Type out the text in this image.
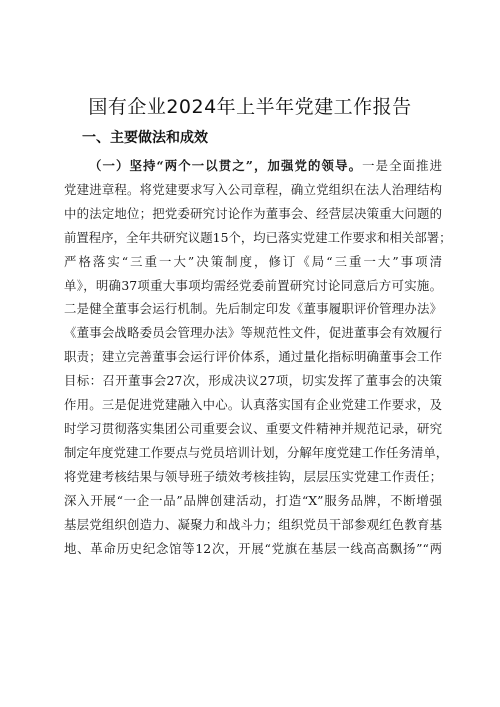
国有企业2024年上半年党建工作报告
一、主要做法和成效
（一）坚持“两个一以贯之”，加强党的领导。一是全面推进
党建进章程。将党建要求写入公司章程，确立党组织在法人治理结构
中的法定地位；把党委研究讨论作为董事会、经营层决策重大问题的
前置程序，全年共研究议题15个，均已落实党建工作要求和相关部署；
严格落实“三重一大”决策制度，修订《局“三重一大”事项清
单》，明确37项重大事项均需经党委前置研究讨论同意后方可实施。
二是健全董事会运行机制。先后制定印发《董事履职评价管理办法》
《董事会战略委员会管理办法》等规范性文件，促进董事会有效履行
职责；建立完善董事会运行评价体系，通过量化指标明确董事会工作
目标：召开董事会27次，形成决议27项，切实发挥了董事会的决策
作用。三是促进党建融入中心。认真落实国有企业党建工作要求，及
时学习贯彻落实集团公司重要会议、重要文件精神并规范记录，研究
制定年度党建工作要点与党员培训计划，分解年度党建工作任务清单，
将党建考核结果与领导班子绩效考核挂钩，层层压实党建工作责任；
深入开展“一企一品”品牌创建活动，打造“X”服务品牌，不断增强
基层党组织创造力、凝聚力和战斗力；组织党员干部参观红色教育基
地、革命历史纪念馆等12次，开展“党旗在基层一线高高飘扬”“两
